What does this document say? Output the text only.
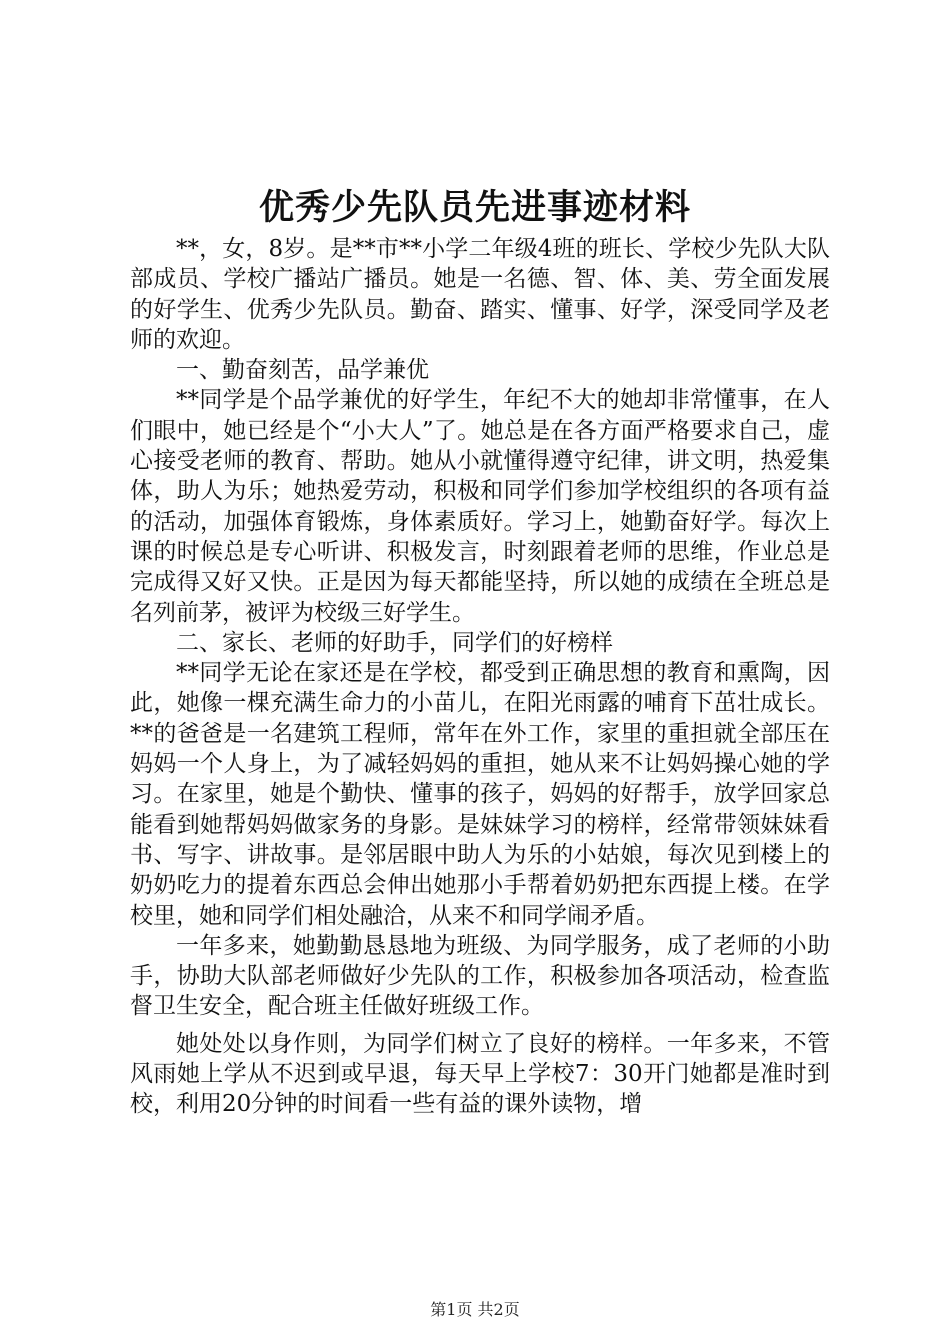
优秀少先队员先进事迹材料

**，女，8岁。是**市**小学二年级4班的班长、学校少先队大队部成员、学校广播站广播员。她是一名德、智、体、美、劳全面发展的好学生、优秀少先队员。勤奋、踏实、懂事、好学，深受同学及老师的欢迎。

一、勤奋刻苦，品学兼优

**同学是个品学兼优的好学生，年纪不大的她却非常懂事，在人们眼中，她已经是个“小大人”了。她总是在各方面严格要求自己，虚心接受老师的教育、帮助。她从小就懂得遵守纪律，讲文明，热爱集体，助人为乐；她热爱劳动，积极和同学们参加学校组织的各项有益的活动，加强体育锻炼，身体素质好。学习上，她勤奋好学。每次上课的时候总是专心听讲、积极发言，时刻跟着老师的思维，作业总是完成得又好又快。正是因为每天都能坚持，所以她的成绩在全班总是名列前茅，被评为校级三好学生。

二、家长、老师的好助手，同学们的好榜样

**同学无论在家还是在学校，都受到正确思想的教育和熏陶，因此，她像一棵充满生命力的小苗儿，在阳光雨露的哺育下茁壮成长。**的爸爸是一名建筑工程师，常年在外工作，家里的重担就全部压在妈妈一个人身上，为了减轻妈妈的重担，她从来不让妈妈操心她的学习。在家里，她是个勤快、懂事的孩子，妈妈的好帮手，放学回家总能看到她帮妈妈做家务的身影。是妹妹学习的榜样，经常带领妹妹看书、写字、讲故事。是邻居眼中助人为乐的小姑娘，每次见到楼上的奶奶吃力的提着东西总会伸出她那小手帮着奶奶把东西提上楼。在学校里，她和同学们相处融洽，从来不和同学闹矛盾。

一年多来，她勤勤恳恳地为班级、为同学服务，成了老师的小助手，协助大队部老师做好少先队的工作，积极参加各项活动，检查监督卫生安全，配合班主任做好班级工作。

她处处以身作则，为同学们树立了良好的榜样。一年多来，不管风雨她上学从不迟到或早退，每天早上学校7：30开门她都是准时到校，利用20分钟的时间看一些有益的课外读物，增

第1页 共2页
